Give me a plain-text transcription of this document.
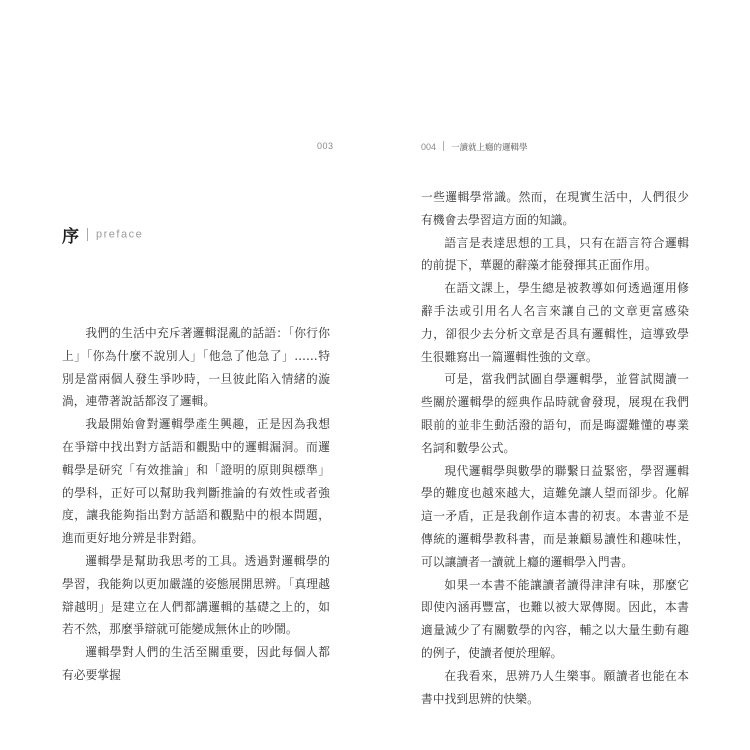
003
序 preface

我們的生活中充斥著邏輯混亂的話語：「你行你上」「你為什麼不說別人」「他急了他急了」……特別是當兩個人發生爭吵時，一旦彼此陷入情緒的漩渦，連帶著說話都沒了邏輯。

我最開始會對邏輯學產生興趣，正是因為我想在爭辯中找出對方話語和觀點中的邏輯漏洞。而邏輯學是研究「有效推論」和「證明的原則與標準」的學科，正好可以幫助我判斷推論的有效性或者強度，讓我能夠指出對方話語和觀點中的根本問題，進而更好地分辨是非對錯。

邏輯學是幫助我思考的工具。透過對邏輯學的學習，我能夠以更加嚴謹的姿態展開思辨。「真理越辯越明」是建立在人們都講邏輯的基礎之上的，如若不然，那麼爭辯就可能變成無休止的吵鬧。

邏輯學對人們的生活至關重要，因此每個人都有必要掌握

004 一讀就上癮的邏輯學

一些邏輯學常識。然而，在現實生活中，人們很少有機會去學習這方面的知識。

語言是表達思想的工具，只有在語言符合邏輯的前提下，華麗的辭藻才能發揮其正面作用。

在語文課上，學生總是被教導如何透過運用修辭手法或引用名人名言來讓自己的文章更富感染力，卻很少去分析文章是否具有邏輯性，這導致學生很難寫出一篇邏輯性強的文章。

可是，當我們試圖自學邏輯學，並嘗試閱讀一些關於邏輯學的經典作品時就會發現，展現在我們眼前的並非生動活潑的語句，而是晦澀難懂的專業名詞和數學公式。

現代邏輯學與數學的聯繫日益緊密，學習邏輯學的難度也越來越大，這難免讓人望而卻步。化解這一矛盾，正是我創作這本書的初衷。本書並不是傳統的邏輯學教科書，而是兼顧易讀性和趣味性，可以讓讀者一讀就上癮的邏輯學入門書。

如果一本書不能讓讀者讀得津津有味，那麼它即使內涵再豐富，也難以被大眾傳閱。因此，本書適量減少了有關數學的內容，輔之以大量生動有趣的例子，使讀者便於理解。

在我看來，思辨乃人生樂事。願讀者也能在本書中找到思辨的快樂。
